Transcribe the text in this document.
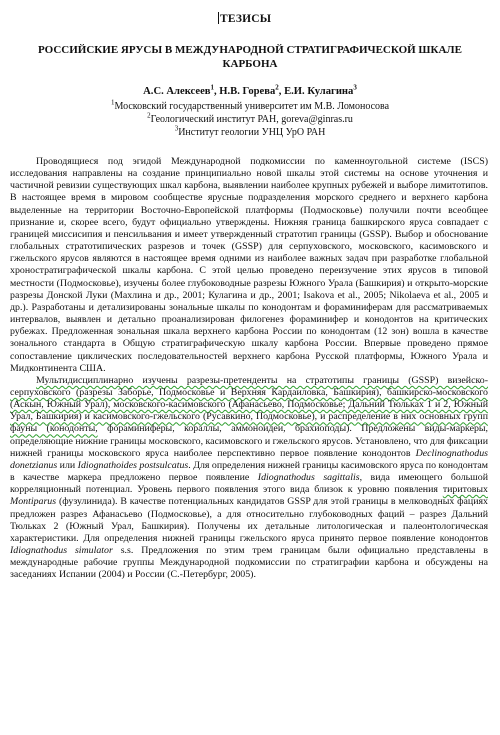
ТЕЗИСЫ
РОССИЙСКИЕ ЯРУСЫ В МЕЖДУНАРОДНОЙ СТРАТИГРАФИЧЕСКОЙ ШКАЛЕ КАРБОНА
А.С. Алексеев$^1$, Н.В. Горева$^2$, Е.И. Кулагина$^3$
$^1$Московский государственный университет им М.В. Ломоносова
$^2$Геологический институт РАН, goreva@ginras.ru
$^3$Институт геологии УНЦ УрО РАН

Проводящиеся под эгидой Международной подкомиссии по каменноугольной системе (ISCS) исследования направлены на создание принципиально новой шкалы этой системы на основе уточнения и частичной ревизии существующих шкал карбона, выявлении наиболее крупных рубежей и выборе лимитотипов. В настоящее время в мировом сообществе ярусные подразделения морского среднего и верхнего карбона выделенные на территории Восточно-Европейской платформы (Подмосковье) получили почти всеобщее признание и, скорее всего, будут официально утверждены. Нижняя граница башкирского яруса совпадает с границей миссисипия и пенсильвания и имеет утвержденный стратотип границы (GSSP). Выбор и обоснование глобальных стратотипических разрезов и точек (GSSP) для серпуховского, московского, касимовского и гжельского ярусов являются в настоящее время одними из наиболее важных задач при разработке глобальной хроностратиграфической шкалы карбона. С этой целью проведено переизучение этих ярусов в типовой местности (Подмосковье), изучены более глубоководные разрезы Южного Урала (Башкирия) и открыто-морские разрезы Донской Луки (Махлина и др., 2001; Кулагина и др., 2001; Isakova et al., 2005; Nikolaeva et al., 2005 и др.). Разработаны и детализированы зональные шкалы по конодонтам и фораминиферам для рассматриваемых интервалов, выявлен и детально проанализирован филогенез фораминифер и конодонтов на критических рубежах. Предложенная зональная шкала верхнего карбона России по конодонтам (12 зон) вошла в качестве зонального стандарта в Общую стратиграфическую шкалу карбона России. Впервые проведено прямое сопоставление циклических последовательностей верхнего карбона Русской платформы, Южного Урала и Мидконтинента США.

Мультидисциплинарно изучены разрезы-претенденты на стратотипы границы (GSSP) визейско-серпуховского (разрезы Заборье, Подмосковье и Верхняя Кардаиловка, Башкирия), башкирско-московского (Аскын, Южный Урал), московского-касимовского (Афанасьево, Подмосковье; Дальний Тюльках 1 и 2, Южный Урал, Башкирия) и касимовского-гжельского (Русавкино, Подмосковье), и распределение в них основных групп фауны (конодонты, фораминиферы, кораллы, аммоноидеи, брахиоподы). Предложены виды-маркеры, определяющие нижние границы московского, касимовского и гжельского ярусов. Установлено, что для фиксации нижней границы московского яруса наиболее перспективно первое появление конодонтов Declinognathodus donetzianus или Idiognathoides postsulcatus. Для определения нижней границы касимовского яруса по конодонтам в качестве маркера предложено первое появление Idiognathodus sagittalis, вида имеющего большой корреляционный потенциал. Уровень первого появления этого вида близок к уровню появления тиритовых Montiparus (фузулинида). В качестве потенциальных кандидатов GSSP для этой границы в мелководных фациях предложен разрез Афанасьево (Подмосковье), а для относительно глубоководных фаций – разрез Дальний Тюльках 2 (Южный Урал, Башкирия). Получены их детальные литологическая и палеонтологическая характеристики. Для определения нижней границы гжельского яруса принято первое появление конодонтов Idiognathodus simulator s.s. Предложения по этим трем границам были официально представлены в международные рабочие группы Международной подкомиссии по стратиграфии карбона и обсуждены на заседаниях Испании (2004) и России (С.-Петербург, 2005).
